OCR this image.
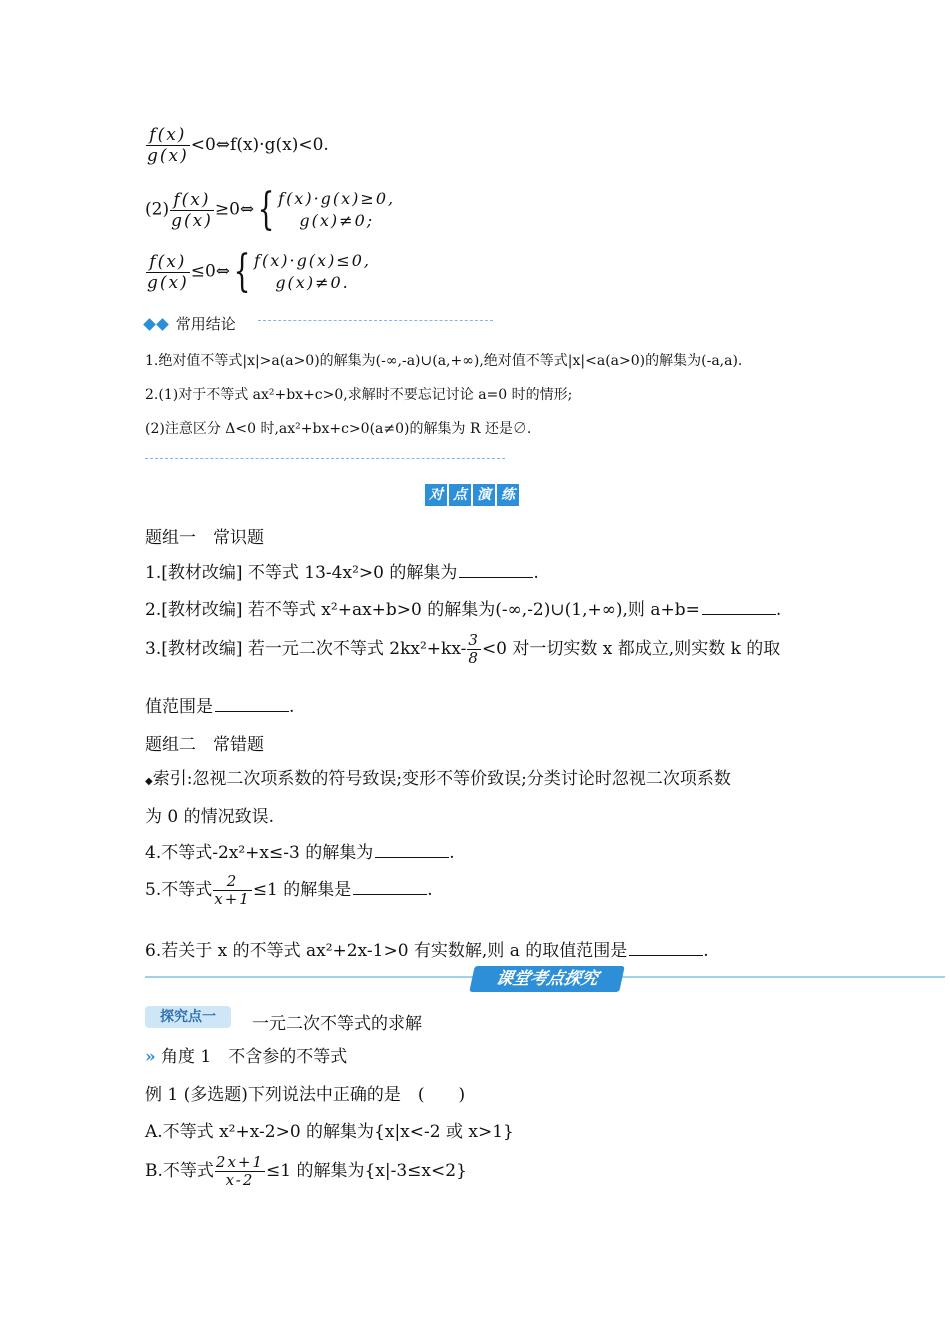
$\frac{f(x)}{g(x)}$ <0⇔f(x)·g(x)<0.
$(2) \frac{f(x)}{g(x)}$ ≥0⇔{ f(x)·g(x)≥0,
g(x)≠0;
$\frac{f(x)}{g(x)}$ ≤0⇔{ f(x)·g(x)≤0,
g(x)≠0.
常用结论
1.绝对值不等式|x|>a(a>0)的解集为(-∞,-a)∪(a,+∞),绝对值不等式|x|<a(a>0)的解集为(-a,a).
2.(1)对于不等式 ax²+bx+c>0,求解时不要忘记讨论 a=0 时的情形;
(2)注意区分 Δ<0 时,ax²+bx+c>0(a≠0)的解集为 R 还是∅.
对 点 演 练
题组一　常识题
1.[教材改编] 不等式 13-4x²>0 的解集为	.
2.[教材改编] 若不等式 x²+ax+b>0 的解集为(-∞,-2)∪(1,+∞),则 a+b=	.
3.[教材改编] 若一元二次不等式 $2kx^2+kx- \frac{3}{8} <0$ 对一切实数 x 都成立,则实数 k 的取
值范围是	.
题组二　常错题
◆索引:忽视二次项系数的符号致误;变形不等价致误;分类讨论时忽视二次项系数
为 0 的情况致误.
4.不等式-2x²+x≤-3 的解集为	.
5.不等式 $\frac{2}{x+1} \le 1$ 的解集是	.
6.若关于 x 的不等式 ax²+2x-1>0 有实数解,则 a 的取值范围是	.
课堂考点探究
探究点一	一元二次不等式的求解
» 角度 1　不含参的不等式
例 1 (多选题)下列说法中正确的是　(　　)
A.不等式 x²+x-2>0 的解集为{x|x<-2 或 x>1}
B.不等式 $\frac{2x+1}{x-2} \le 1$ 的解集为{x|-3≤x<2}
